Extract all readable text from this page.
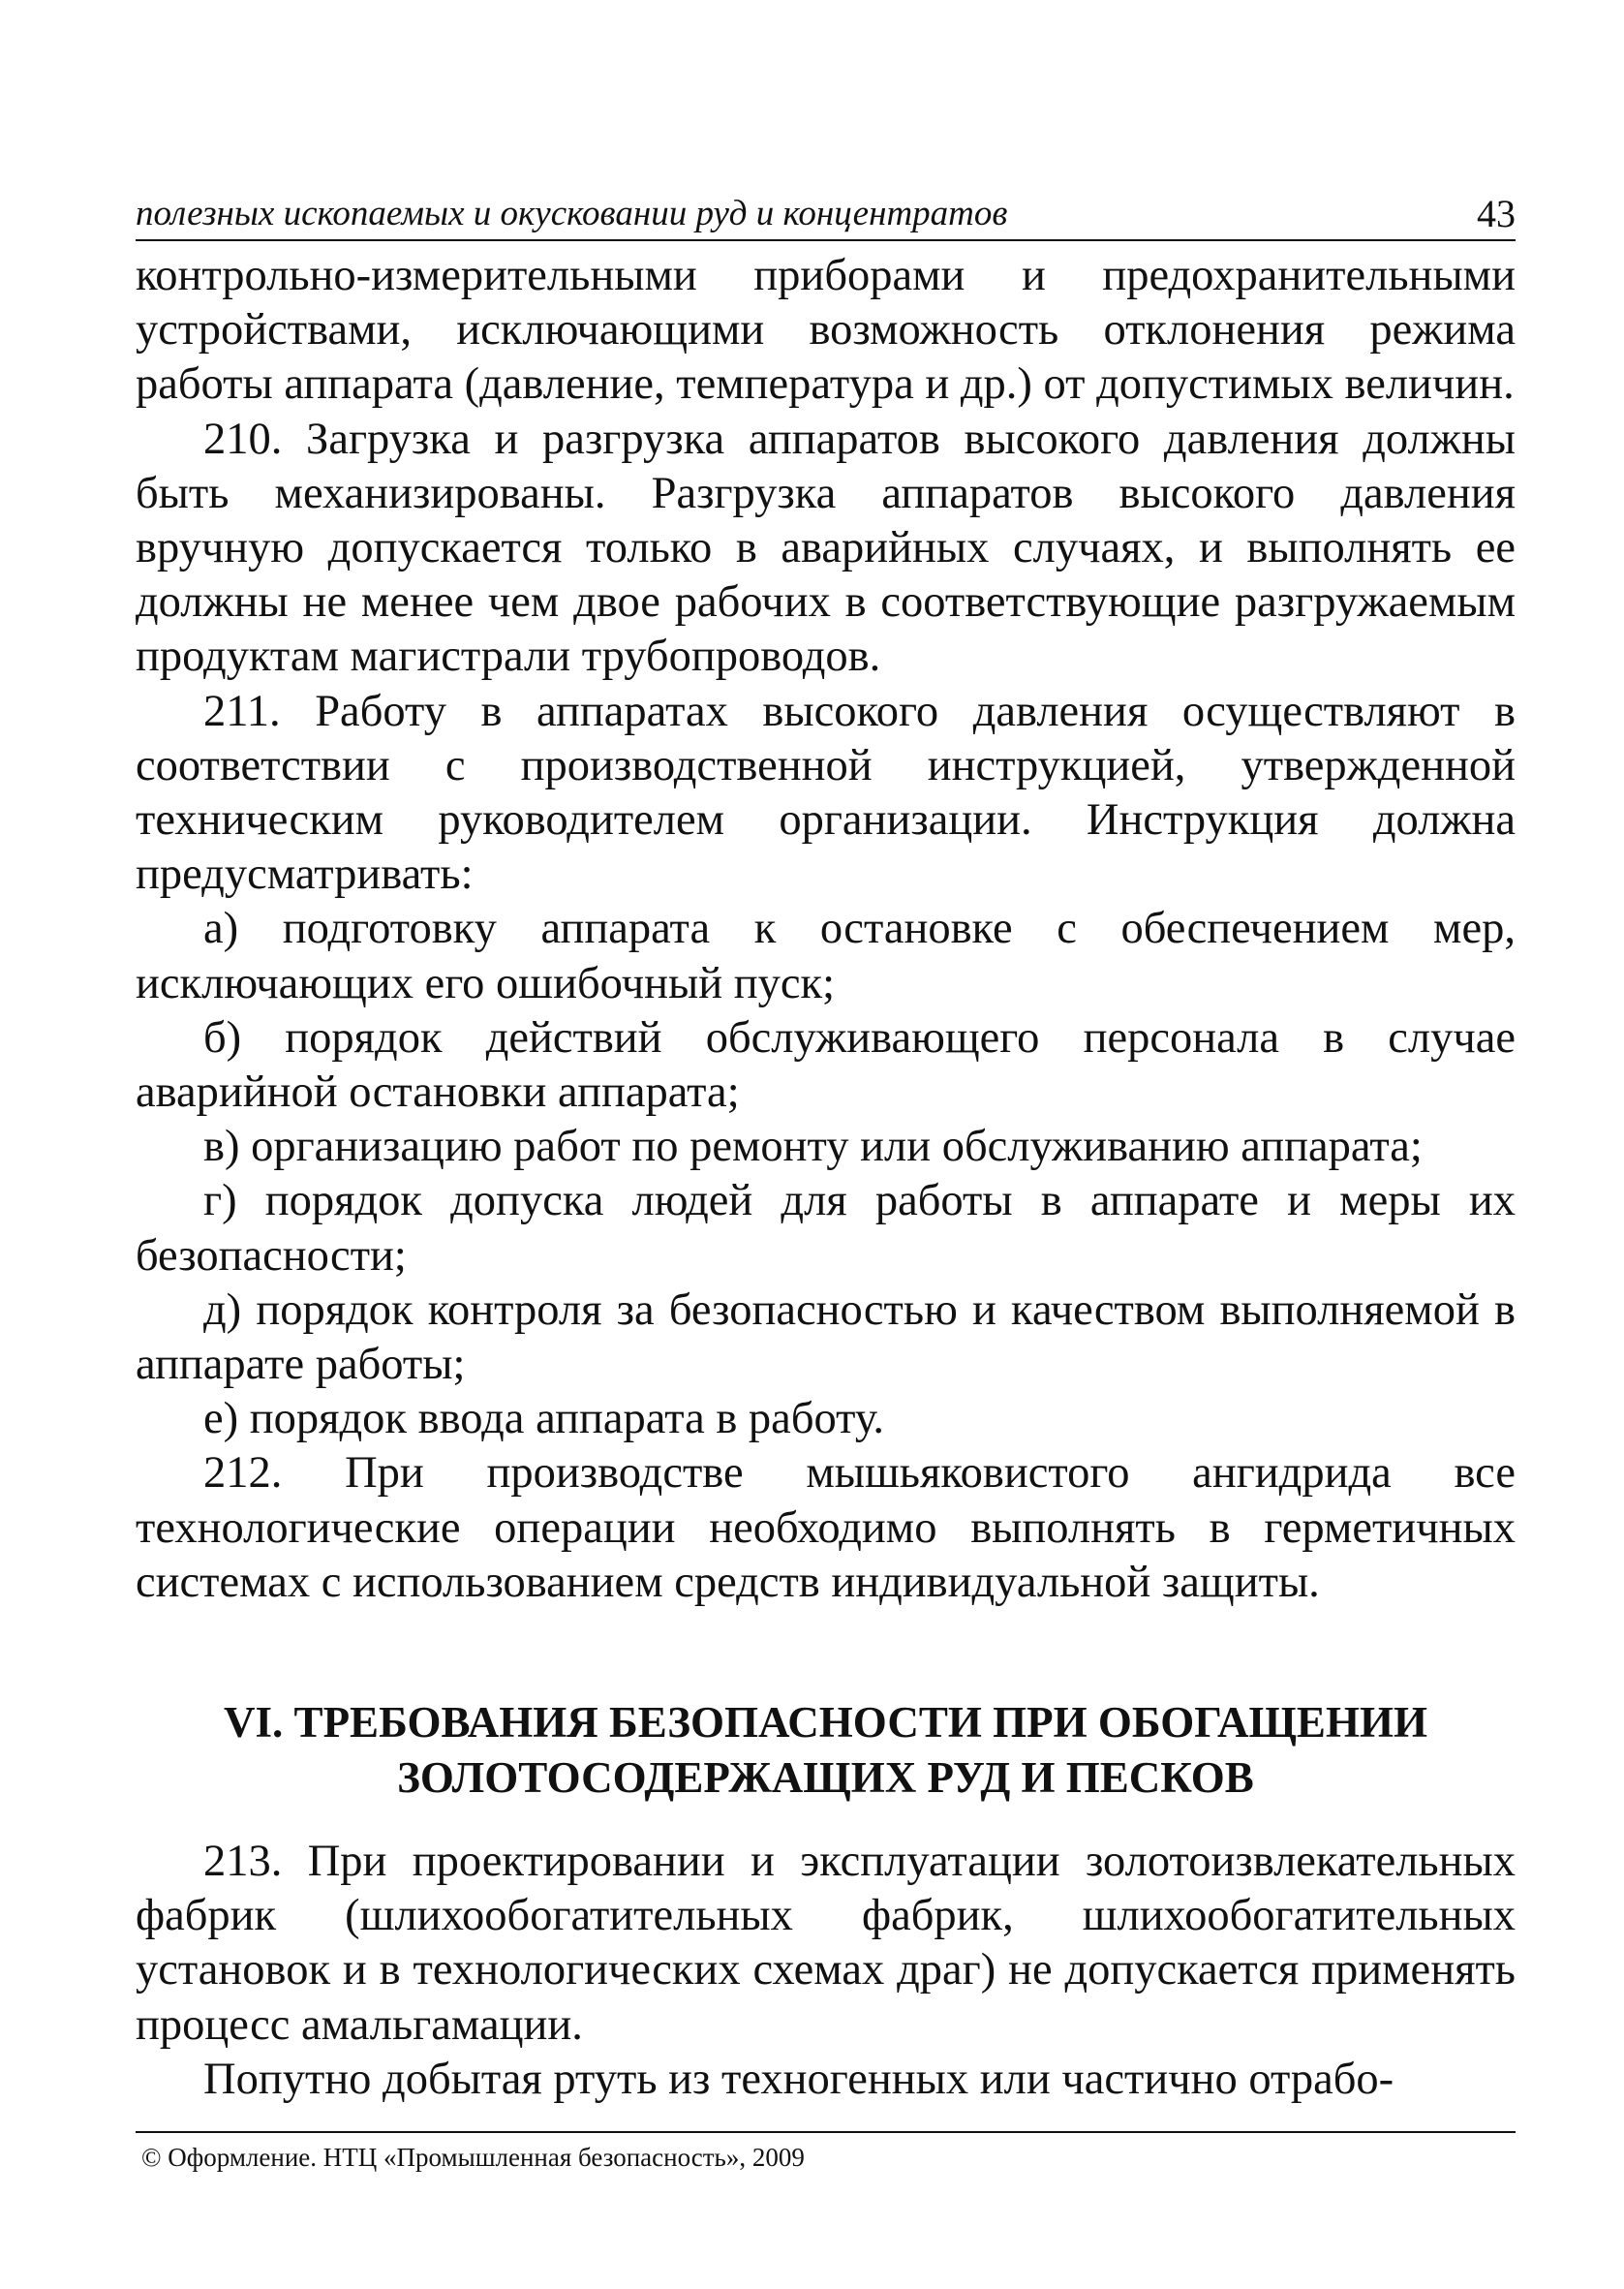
полезных ископаемых и окусковании руд и концентратов	43

контрольно-измерительными приборами и предохранительными устройствами, исключающими возможность отклонения режима работы аппарата (давление, температура и др.) от допустимых величин.

210. Загрузка и разгрузка аппаратов высокого давления должны быть механизированы. Разгрузка аппаратов высокого давления вручную допускается только в аварийных случаях, и выполнять ее должны не менее чем двое рабочих в соответствующие разгружаемым продуктам магистрали трубопроводов.

211. Работу в аппаратах высокого давления осуществляют в соответствии с производственной инструкцией, утвержденной техническим руководителем организации. Инструкция должна предусматривать:

а) подготовку аппарата к остановке с обеспечением мер, исключающих его ошибочный пуск;

б) порядок действий обслуживающего персонала в случае аварийной остановки аппарата;

в) организацию работ по ремонту или обслуживанию аппарата;

г) порядок допуска людей для работы в аппарате и меры их безопасности;

д) порядок контроля за безопасностью и качеством выполняемой в аппарате работы;

е) порядок ввода аппарата в работу.

212. При производстве мышьяковистого ангидрида все технологические операции необходимо выполнять в герметичных системах с использованием средств индивидуальной защиты.

VI. ТРЕБОВАНИЯ БЕЗОПАСНОСТИ ПРИ ОБОГАЩЕНИИ
ЗОЛОТОСОДЕРЖАЩИХ РУД И ПЕСКОВ

213. При проектировании и эксплуатации золотоизвлекательных фабрик (шлихообогатительных фабрик, шлихообогатительных установок и в технологических схемах драг) не допускается применять процесс амальгамации.

Попутно добытая ртуть из техногенных или частично отрабо-

© Оформление. НТЦ «Промышленная безопасность», 2009
